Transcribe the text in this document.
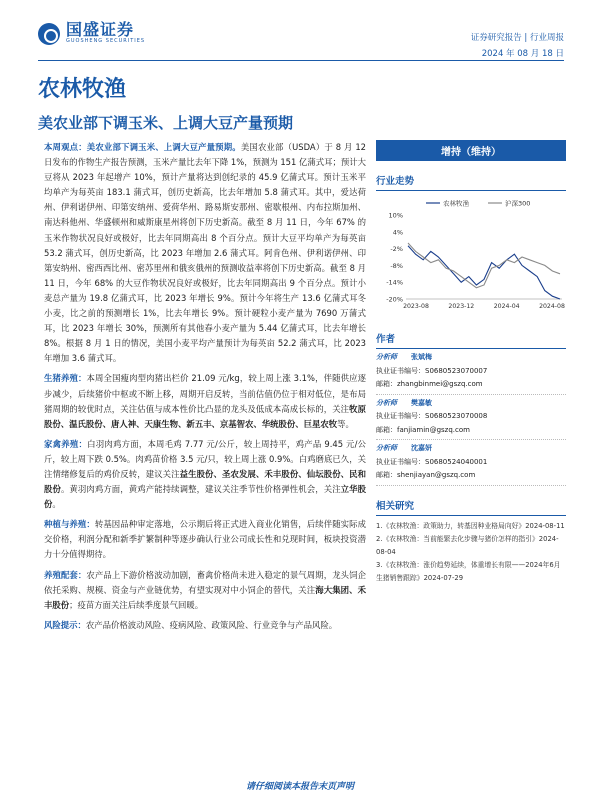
国盛证券
GUOSHENG SECURITIES	证券研究报告 | 行业周报
2024 年 08 月 18 日
农林牧渔
美农业部下调玉米、上调大豆产量预期

本周观点：美农业部下调玉米、上调大豆产量预期。美国农业部（USDA）于 8 月 12 日发布的作物生产报告预测，玉米产量比去年下降 1%，预测为 151 亿蒲式耳；预计大豆将从 2023 年起增产 10%，预计产量将达到创纪录的 45.9 亿蒲式耳。预计玉米平均单产为每英亩 183.1 蒲式耳，创历史新高，比去年增加 5.8 蒲式耳。其中，爱达荷州、伊利诺伊州、印第安纳州、爱荷华州、路易斯安那州、密歇根州、内布拉斯加州、南达科他州、华盛顿州和威斯康星州将创下历史新高。截至 8 月 11 日，今年 67% 的玉米作物状况良好或极好，比去年同期高出 8 个百分点。预计大豆平均单产为每英亩 53.2 蒲式耳，创历史新高，比 2023 年增加 2.6 蒲式耳。阿肯色州、伊利诺伊州、印第安纳州、密西西比州、密苏里州和俄亥俄州的预测收益率将创下历史新高。截至 8 月 11 日，今年 68% 的大豆作物状况良好或极好，比去年同期高出 9 个百分点。预计小麦总产量为 19.8 亿蒲式耳，比 2023 年增长 9%。预计今年将生产 13.6 亿蒲式耳冬小麦，比之前的预测增长 1%，比去年增长 9%。预计硬粒小麦产量为 7690 万蒲式耳，比 2023 年增长 30%，预测所有其他春小麦产量为 5.44 亿蒲式耳，比去年增长 8%。根据 8 月 1 日的情况，美国小麦平均产量预计为每英亩 52.2 蒲式耳，比 2023 年增加 3.6 蒲式耳。

生猪养殖：本周全国瘦肉型肉猪出栏价 21.09 元/kg，较上周上涨 3.1%，伴随供应逐步减少，后续猪价中枢或不断上移，周期开启反转，当前估值仍位于相对低位，是布局猪周期的较优时点，关注估值与成本性价比凸显的龙头及低成本高成长标的，关注牧原股份、温氏股份、唐人神、天康生物、新五丰、京基智农、华统股份、巨星农牧等。

家禽养殖：白羽肉鸡方面，本周毛鸡 7.77 元/公斤，较上周持平，鸡产品 9.45 元/公斤，较上周下跌 0.5%。肉鸡苗价格 3.5 元/只，较上周上涨 0.9%。白鸡磨底已久，关注情绪修复后的鸡价反转，建议关注益生股份、圣农发展、禾丰股份、仙坛股份、民和股份。黄羽肉鸡方面，黄鸡产能持续调整，建议关注季节性价格弹性机会，关注立华股份。

种植与养殖：转基因品种审定落地，公示期后将正式进入商业化销售，后续伴随实际成交价格，利润分配和新季扩繁制种等逐步确认行业公司成长性和兑现时间，板块投资潜力十分值得期待。

养殖配套：农产品上下游价格波动加剧，畜禽价格尚未进入稳定的景气周期，龙头饲企依托采购、规模、资金与产业链优势，有望实现对中小饲企的替代，关注海大集团、禾丰股份；疫苗方面关注后续季度景气回暖。

风险提示：农产品价格波动风险、疫病风险、政策风险、行业竞争与产品风险。

增持（维持）
行业走势
10%
4%
-2%
-8%
-14%
-20%
2023-08	2023-12	2024-04	2024-08
农林牧渔	沪深300
作者
分析师 张斌梅
执业证书编号：S0680523070007
邮箱：zhangbinmei@gszq.com
分析师 樊嘉敏
执业证书编号：S0680523070008
邮箱：fanjiamin@gszq.com
分析师 沈嘉妍
执业证书编号：S0680524040001
邮箱：shenjiayan@gszq.com
相关研究
1.《农林牧渔：政策助力，转基因种业格局向好》2024-08-11
2.《农林牧渔：当前能繁去化步骤与猪价怎样的指引》2024-08-04
3.《农林牧渔：涨价趋势延续，体重增长有限——2024年6月生猪销售跟踪》2024-07-29
请仔细阅读本报告末页声明
